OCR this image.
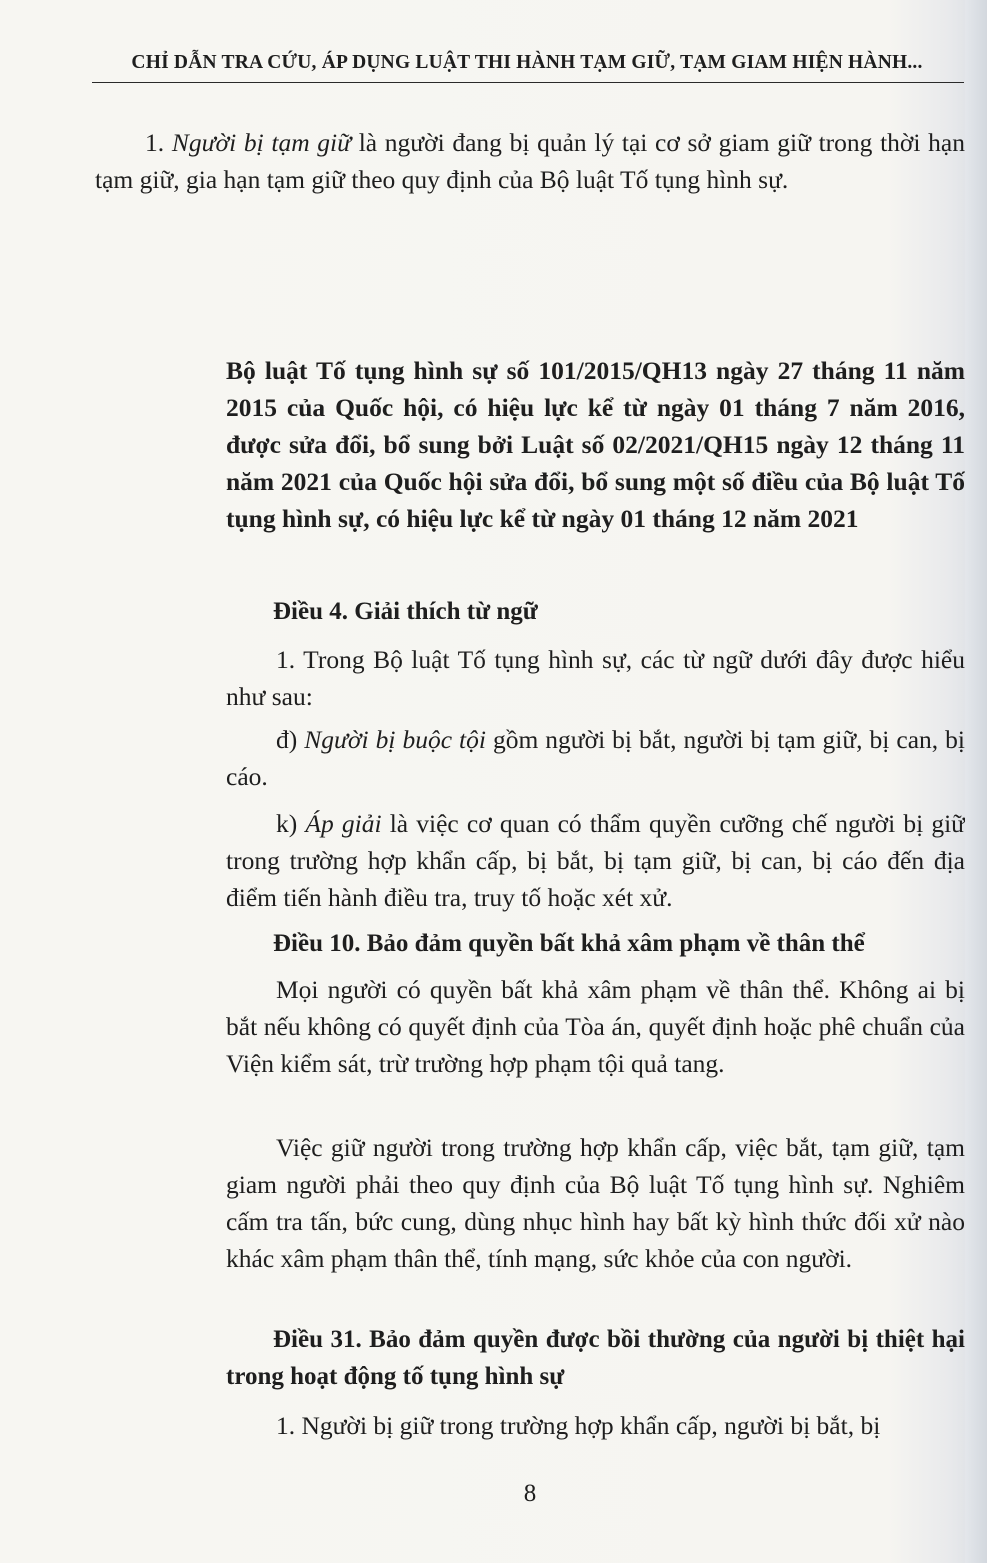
CHỈ DẪN TRA CỨU, ÁP DỤNG LUẬT THI HÀNH TẠM GIỮ, TẠM GIAM HIỆN HÀNH...

1. Người bị tạm giữ là người đang bị quản lý tại cơ sở giam giữ trong thời hạn tạm giữ, gia hạn tạm giữ theo quy định của Bộ luật Tố tụng hình sự.

Bộ luật Tố tụng hình sự số 101/2015/QH13 ngày 27 tháng 11 năm 2015 của Quốc hội, có hiệu lực kể từ ngày 01 tháng 7 năm 2016, được sửa đổi, bổ sung bởi Luật số 02/2021/QH15 ngày 12 tháng 11 năm 2021 của Quốc hội sửa đổi, bổ sung một số điều của Bộ luật Tố tụng hình sự, có hiệu lực kể từ ngày 01 tháng 12 năm 2021

Điều 4. Giải thích từ ngữ

1. Trong Bộ luật Tố tụng hình sự, các từ ngữ dưới đây được hiểu như sau:

đ) Người bị buộc tội gồm người bị bắt, người bị tạm giữ, bị can, bị cáo.

k) Áp giải là việc cơ quan có thẩm quyền cưỡng chế người bị giữ trong trường hợp khẩn cấp, bị bắt, bị tạm giữ, bị can, bị cáo đến địa điểm tiến hành điều tra, truy tố hoặc xét xử.

Điều 10. Bảo đảm quyền bất khả xâm phạm về thân thể

Mọi người có quyền bất khả xâm phạm về thân thể. Không ai bị bắt nếu không có quyết định của Tòa án, quyết định hoặc phê chuẩn của Viện kiểm sát, trừ trường hợp phạm tội quả tang.

Việc giữ người trong trường hợp khẩn cấp, việc bắt, tạm giữ, tạm giam người phải theo quy định của Bộ luật Tố tụng hình sự. Nghiêm cấm tra tấn, bức cung, dùng nhục hình hay bất kỳ hình thức đối xử nào khác xâm phạm thân thể, tính mạng, sức khỏe của con người.

Điều 31. Bảo đảm quyền được bồi thường của người bị thiệt hại trong hoạt động tố tụng hình sự

1. Người bị giữ trong trường hợp khẩn cấp, người bị bắt, bị

8
